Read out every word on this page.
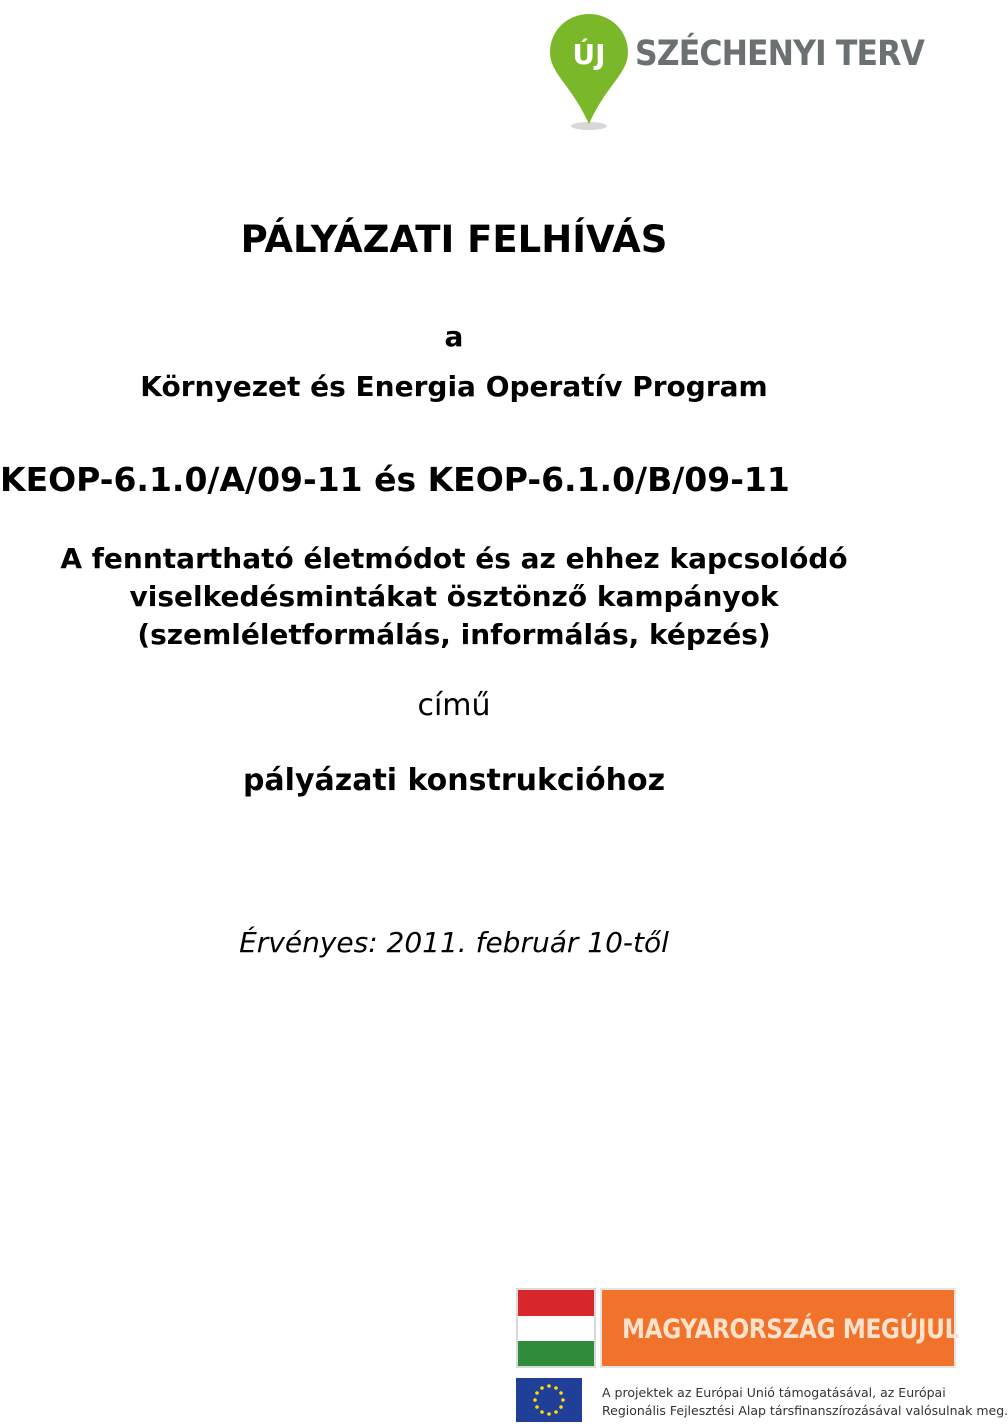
ÚJ SZÉCHENYI TERV
PÁLYÁZATI FELHÍVÁS
a
Környezet és Energia Operatív Program
KEOP-6.1.0/A/09-11 és KEOP-6.1.0/B/09-11
A fenntartható életmódot és az ehhez kapcsolódó
viselkedésmintákat ösztönző kampányok
(szemléletformálás, informálás, képzés)
című
pályázati konstrukcióhoz
Érvényes: 2011. február 10-től
MAGYARORSZÁG MEGÚJUL
A projektek az Európai Unió támogatásával, az Európai
Regionális Fejlesztési Alap társfinanszírozásával valósulnak meg.
